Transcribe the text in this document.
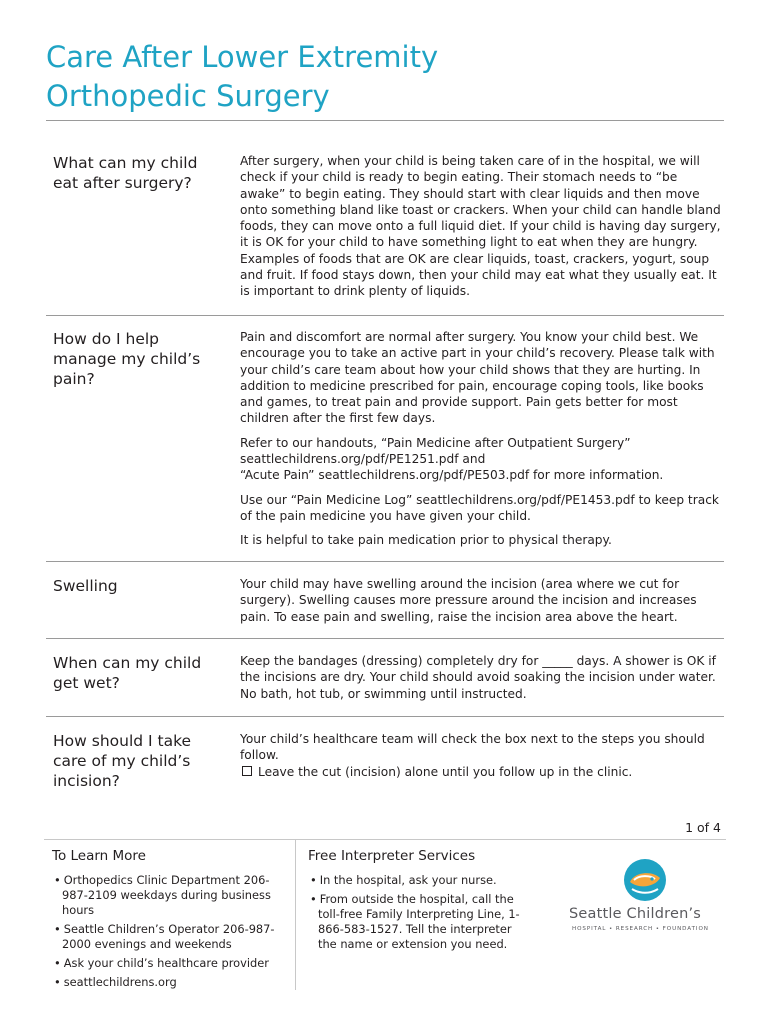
Care After Lower Extremity
Orthopedic Surgery
What can my child eat after surgery?

After surgery, when your child is being taken care of in the hospital, we will check if your child is ready to begin eating. Their stomach needs to “be awake” to begin eating. They should start with clear liquids and then move onto something bland like toast or crackers. When your child can handle bland foods, they can move onto a full liquid diet. If your child is having day surgery, it is OK for your child to have something light to eat when they are hungry. Examples of foods that are OK are clear liquids, toast, crackers, yogurt, soup and fruit. If food stays down, then your child may eat what they usually eat. It is important to drink plenty of liquids.

How do I help manage my child’s pain?

Pain and discomfort are normal after surgery. You know your child best. We encourage you to take an active part in your child’s recovery. Please talk with your child’s care team about how your child shows that they are hurting. In addition to medicine prescribed for pain, encourage coping tools, like books and games, to treat pain and provide support. Pain gets better for most children after the first few days.

Refer to our handouts, “Pain Medicine after Outpatient Surgery” seattlechildrens.org/pdf/PE1251.pdf and
“Acute Pain” seattlechildrens.org/pdf/PE503.pdf for more information.

Use our “Pain Medicine Log” seattlechildrens.org/pdf/PE1453.pdf to keep track of the pain medicine you have given your child.

It is helpful to take pain medication prior to physical therapy.

Swelling	Your child may have swelling around the incision (area where we cut for surgery). Swelling causes more pressure around the incision and increases pain. To ease pain and swelling, raise the incision area above the heart.

When can my child get wet?

Keep the bandages (dressing) completely dry for _____ days. A shower is OK if the incisions are dry. Your child should avoid soaking the incision under water. No bath, hot tub, or swimming until instructed.

How should I take care of my child’s incision?

Your child’s healthcare team will check the box next to the steps you should follow.

Leave the cut (incision) alone until you follow up in the clinic.
1 of 4
To Learn More
• Orthopedics Clinic Department 206-987-2109 weekdays during business hours
• Seattle Children’s Operator 206-987-2000 evenings and weekends
• Ask your child’s healthcare provider
• seattlechildrens.org
Free Interpreter Services
• In the hospital, ask your nurse.
• From outside the hospital, call the toll-free Family Interpreting Line, 1-866-583-1527. Tell the interpreter the name or extension you need.
Seattle Children’s
HOSPITAL • RESEARCH • FOUNDATION
